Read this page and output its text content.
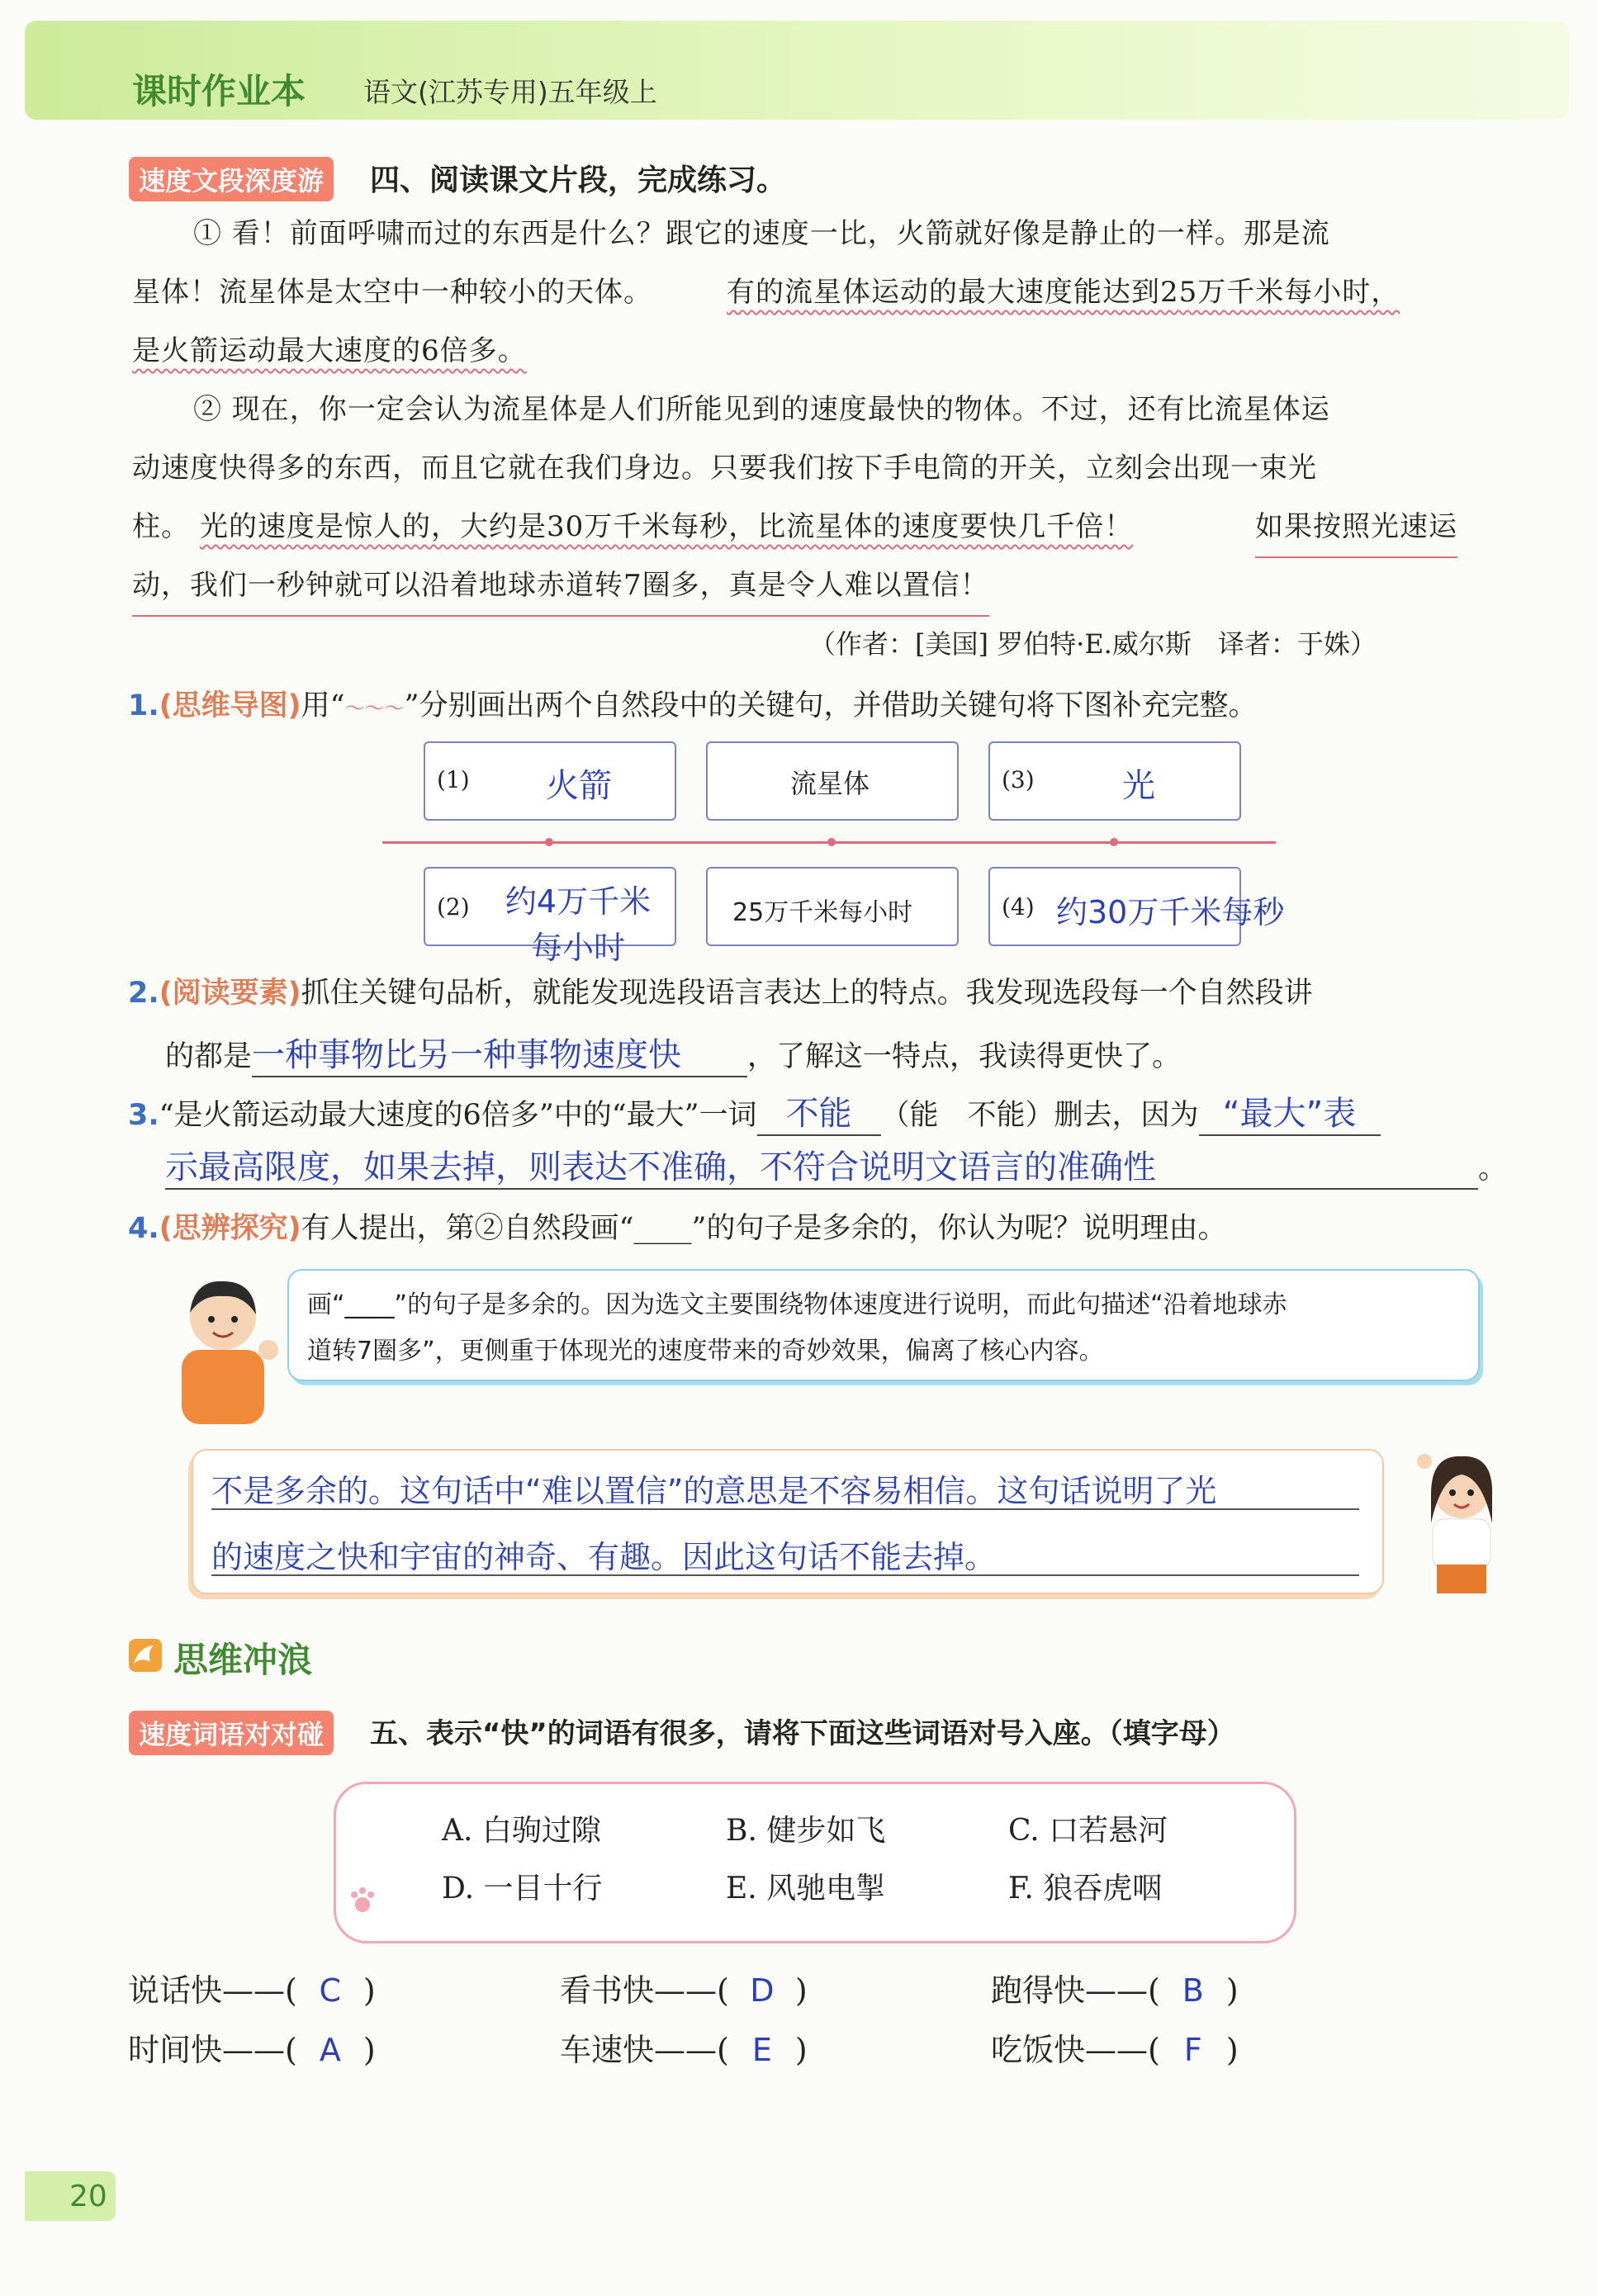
课时作业本 语文(江苏专用)五年级上
速度文段深度游	四、阅读课文片段，完成练习。
① 看！前面呼啸而过的东西是什么？跟它的速度一比，火箭就好像是静止的一样。那是流
星体！流星体是太空中一种较小的天体。	有的流星体运动的最大速度能达到25万千米每小时，
是火箭运动最大速度的6倍多。
② 现在，你一定会认为流星体是人们所能见到的速度最快的物体。不过，还有比流星体运
动速度快得多的东西，而且它就在我们身边。只要我们按下手电筒的开关，立刻会出现一束光
柱。 光的速度是惊人的，大约是30万千米每秒，比流星体的速度要快几千倍！	如果按照光速运
动，我们一秒钟就可以沿着地球赤道转7圈多，真是令人难以置信！
（作者：[美国] 罗伯特·E.威尔斯　译者：于姝）
1.(思维导图)用“～～～”分别画出两个自然段中的关键句，并借助关键句将下图补充完整。
(1) 火箭	流星体	(3)	光
(2) 约4万千米每小时
25万千米每小时	(4) 约30万千米每秒
2.(阅读要素)抓住关键句品析，就能发现选段语言表达上的特点。我发现选段每一个自然段讲
的都是一种事物比另一种事物速度快 ，了解这一特点，我读得更快了。
3.“是火箭运动最大速度的6倍多”中的“最大”一词 不能 （能　不能）删去，因为 “最大”表
示最高限度，如果去掉，则表达不准确，不符合说明文语言的准确性	。
4.(思辨探究)有人提出，第②自然段画“____”的句子是多余的，你认为呢？说明理由。
画“____”的句子是多余的。因为选文主要围绕物体速度进行说明，而此句描述“沿着地球赤
道转7圈多”，更侧重于体现光的速度带来的奇妙效果，偏离了核心内容。
不是多余的。这句话中“难以置信”的意思是不容易相信。这句话说明了光
的速度之快和宇宙的神奇、有趣。因此这句话不能去掉。
思维冲浪
速度词语对对碰	五、表示“快”的词语有很多，请将下面这些词语对号入座。（填字母）
A. 白驹过隙	B. 健步如飞	C. 口若悬河
D. 一目十行	E. 风驰电掣	F. 狼吞虎咽
说话快——( C )	看书快——( D )	跑得快——( B )
时间快——( A )	车速快——( E )	吃饭快——( F )
20
